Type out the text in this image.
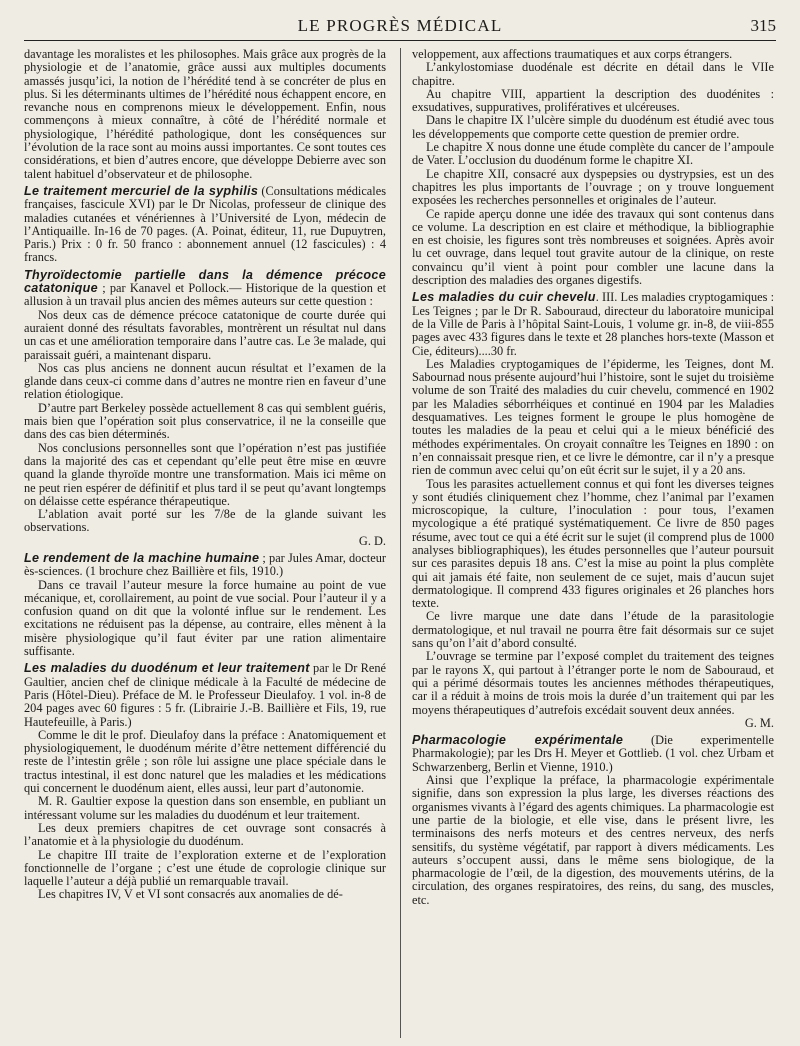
LE PROGRÈS MÉDICAL	315

davantage les moralistes et les philosophes. Mais grâce aux progrès de la physiologie et de l’anatomie, grâce aussi aux multiples documents amassés jusqu’ici, la notion de l’hérédité tend à se concréter de plus en plus. Si les déterminants ultimes de l’hérédité nous échappent encore, en revanche nous en comprenons mieux le développement. Enfin, nous commençons à mieux connaître, à côté de l’hérédité normale et physiologique, l’hérédité pathologique, dont les conséquences sur l’évolution de la race sont au moins aussi importantes. Ce sont toutes ces considérations, et bien d’autres encore, que développe Debierre avec son talent habituel d’observateur et de philosophe.

Le traitement mercuriel de la syphilis (Consultations médicales françaises, fascicule XVI) par le Dr Nicolas, professeur de clinique des maladies cutanées et vénériennes à l’Université de Lyon, médecin de l’Antiquaille. In-16 de 70 pages. (A. Poinat, éditeur, 11, rue Dupuytren, Paris.) Prix : 0 fr. 50 franco : abonnement annuel (12 fascicules) : 4 francs.

Thyroïdectomie partielle dans la démence précoce catatonique ; par Kanavel et Pollock.— Historique de la question et allusion à un travail plus ancien des mêmes auteurs sur cette question :

Nos deux cas de démence précoce catatonique de courte durée qui auraient donné des résultats favorables, montrèrent un résultat nul dans un cas et une amélioration temporaire dans l’autre cas. Le 3e malade, qui paraissait guéri, a maintenant disparu.

Nos cas plus anciens ne donnent aucun résultat et l’examen de la glande dans ceux-ci comme dans d’autres ne montre rien en faveur d’une relation étiologique.

D’autre part Berkeley possède actuellement 8 cas qui semblent guéris, mais bien que l’opération soit plus conservatrice, il ne la conseille que dans des cas bien déterminés.

Nos conclusions personnelles sont que l’opération n’est pas justifiée dans la majorité des cas et cependant qu’elle peut être mise en œuvre quand la glande thyroïde montre une transformation. Mais ici même on ne peut rien espérer de définitif et plus tard il se peut qu’avant longtemps on délaisse cette espérance thérapeutique.

L’ablation avait porté sur les 7/8e de la glande suivant les observations.

G. D.

Le rendement de la machine humaine ; par Jules Amar, docteur ès-sciences. (1 brochure chez Baillière et fils, 1910.)

Dans ce travail l’auteur mesure la force humaine au point de vue mécanique, et, corollairement, au point de vue social. Pour l’auteur il y a confusion quand on dit que la volonté influe sur le rendement. Les excitations ne réduisent pas la dépense, au contraire, elles mènent à la misère physiologique qu’il faut éviter par une ration alimentaire suffisante.

Les maladies du duodénum et leur traitement par le Dr René Gaultier, ancien chef de clinique médicale à la Faculté de médecine de Paris (Hôtel-Dieu). Préface de M. le Professeur Dieulafoy. 1 vol. in-8 de 204 pages avec 60 figures : 5 fr. (Librairie J.-B. Baillière et Fils, 19, rue Hautefeuille, à Paris.)

Comme le dit le prof. Dieulafoy dans la préface : Anatomiquement et physiologiquement, le duodénum mérite d’être nettement différencié du reste de l’intestin grêle ; son rôle lui assigne une place spéciale dans le tractus intestinal, il est donc naturel que les maladies et les médications qui concernent le duodénum aient, elles aussi, leur part d’autonomie.

M. R. Gaultier expose la question dans son ensemble, en publiant un intéressant volume sur les maladies du duodénum et leur traitement.

Les deux premiers chapitres de cet ouvrage sont consacrés à l’anatomie et à la physiologie du duodénum.

Le chapitre III traite de l’exploration externe et de l’exploration fonctionnelle de l’organe ; c’est une étude de coprologie clinique sur laquelle l’auteur a déjà publié un remarquable travail.

Les chapitres IV, V et VI sont consacrés aux anomalies de dé-

veloppement, aux affections traumatiques et aux corps étrangers.

L’ankylostomiase duodénale est décrite en détail dans le VIIe chapitre.

Au chapitre VIII, appartient la description des duodénites : exsudatives, suppuratives, prolifératives et ulcéreuses.

Dans le chapitre IX l’ulcère simple du duodénum est étudié avec tous les développements que comporte cette question de premier ordre.

Le chapitre X nous donne une étude complète du cancer de l’ampoule de Vater. L’occlusion du duodénum forme le chapitre XI.

Le chapitre XII, consacré aux dyspepsies ou dystrypsies, est un des chapitres les plus importants de l’ouvrage ; on y trouve longuement exposées les recherches personnelles et originales de l’auteur.

Ce rapide aperçu donne une idée des travaux qui sont contenus dans ce volume. La description en est claire et méthodique, la bibliographie en est choisie, les figures sont très nombreuses et soignées. Après avoir lu cet ouvrage, dans lequel tout gravite autour de la clinique, on reste convaincu qu’il vient à point pour combler une lacune dans la description des maladies des organes digestifs.

Les maladies du cuir chevelu. III. Les maladies cryptogamiques : Les Teignes ; par le Dr R. Sabouraud, directeur du laboratoire municipal de la Ville de Paris à l’hôpital Saint-Louis, 1 volume gr. in-8, de viii-855 pages avec 433 figures dans le texte et 28 planches hors-texte (Masson et Cie, éditeurs)....30 fr.

Les Maladies cryptogamiques de l’épiderme, les Teignes, dont M. Sabournad nous présente aujourd’hui l’histoire, sont le sujet du troisième volume de son Traité des maladies du cuir chevelu, commencé en 1902 par les Maladies séborrhéiques et continué en 1904 par les Maladies desquamatives. Les teignes forment le groupe le plus homogène de toutes les maladies de la peau et celui qui a le mieux bénéficié des méthodes expérimentales. On croyait connaître les Teignes en 1890 : on n’en connaissait presque rien, et ce livre le démontre, car il n’y a presque rien de commun avec celui qu’on eût écrit sur le sujet, il y a 20 ans.

Tous les parasites actuellement connus et qui font les diverses teignes y sont étudiés cliniquement chez l’homme, chez l’animal par l’examen microscopique, la culture, l’inoculation : pour tous, l’examen mycologique a été pratiqué systématiquement. Ce livre de 850 pages résume, avec tout ce qui a été écrit sur le sujet (il comprend plus de 1000 analyses bibliographiques), les études personnelles que l’auteur poursuit sur ces parasites depuis 18 ans. C’est la mise au point la plus complète qui ait jamais été faite, non seulement de ce sujet, mais d’aucun sujet dermatologique. Il comprend 433 figures originales et 26 planches hors texte.

Ce livre marque une date dans l’étude de la parasitologie dermatologique, et nul travail ne pourra être fait désormais sur ce sujet sans qu’on l’ait d’abord consulté.

L’ouvrage se termine par l’exposé complet du traitement des teignes par le rayons X, qui partout à l’étranger porte le nom de Sabouraud, et qui a périmé désormais toutes les anciennes méthodes thérapeutiques, car il a réduit à moins de trois mois la durée d’un traitement qui par les moyens thérapeutiques d’autrefois excédait souvent deux années.

G. M.

Pharmacologie expérimentale (Die experimentelle Pharmakologie); par les Drs H. Meyer et Gottlieb. (1 vol. chez Urbam et Schwarzenberg, Berlin et Vienne, 1910.)

Ainsi que l’explique la préface, la pharmacologie expérimentale signifie, dans son expression la plus large, les diverses réactions des organismes vivants à l’égard des agents chimiques. La pharmacologie est une partie de la biologie, et elle vise, dans le présent livre, les terminaisons des nerfs moteurs et des centres nerveux, des nerfs sensitifs, du système végétatif, par rapport à divers médicaments. Les auteurs s’occupent aussi, dans le même sens biologique, de la pharmacologie de l’œil, de la digestion, des mouvements utérins, de la circulation, des organes respiratoires, des reins, du sang, des muscles, etc.
